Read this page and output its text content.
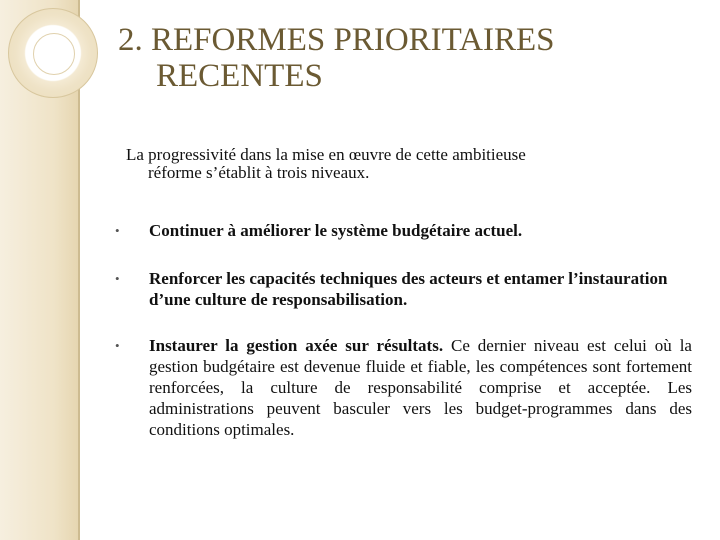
2. REFORMES PRIORITAIRES
RECENTES
La progressivité dans la mise en œuvre de cette ambitieuse
réforme s’établit à trois niveaux.
• Continuer à améliorer le système budgétaire actuel.
• Renforcer les capacités techniques des acteurs et entamer l’instauration d’une culture de responsabilisation.
• Instaurer la gestion axée sur résultats. Ce dernier niveau est celui où la gestion budgétaire est devenue fluide et fiable, les compétences sont fortement renforcées, la culture de responsabilité comprise et acceptée. Les administrations peuvent basculer vers les budget-programmes dans des conditions optimales.
